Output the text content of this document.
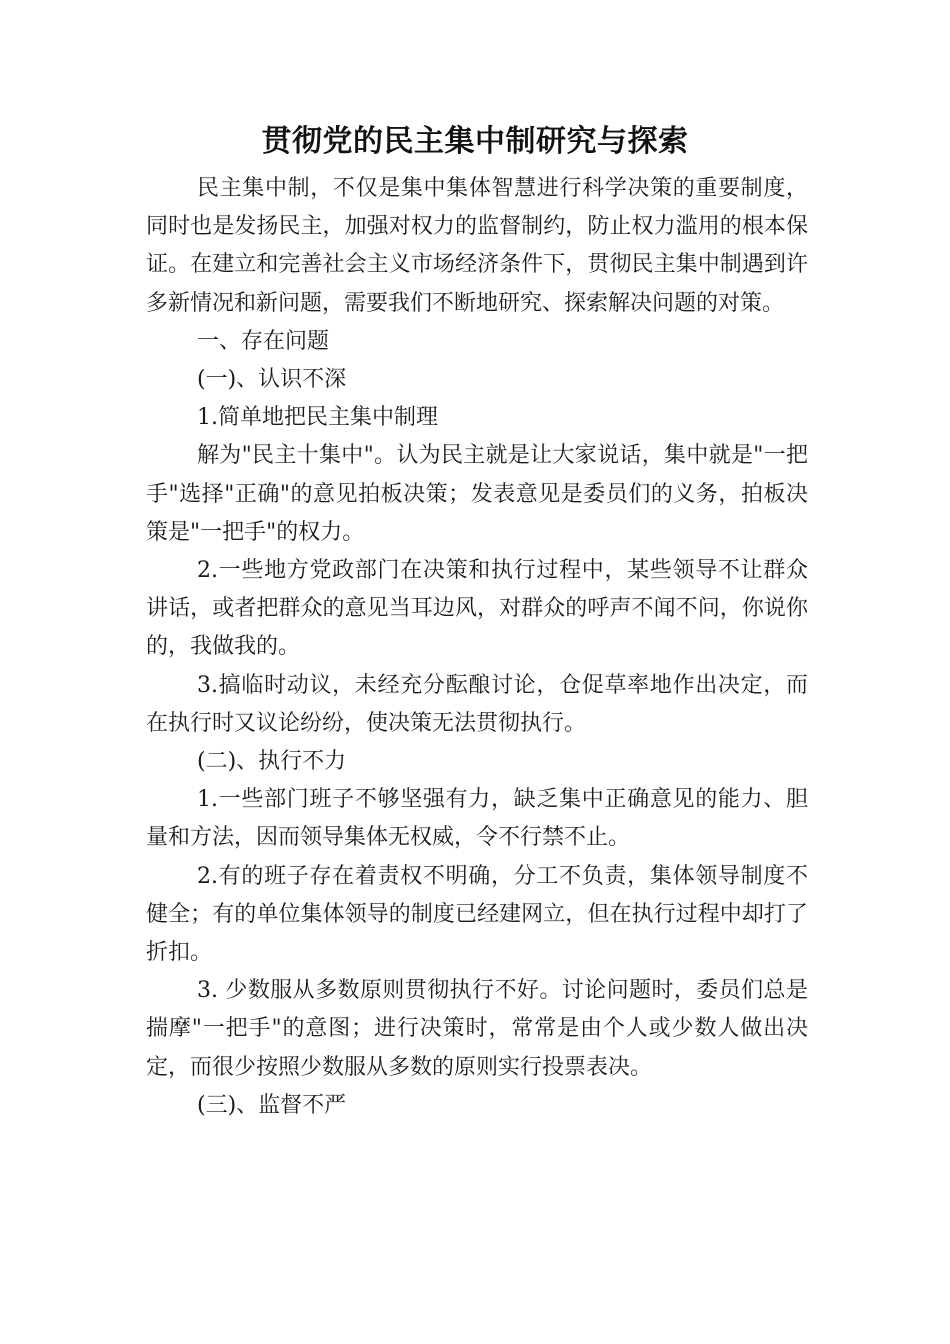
贯彻党的民主集中制研究与探索

民主集中制，不仅是集中集体智慧进行科学决策的重要制度，同时也是发扬民主，加强对权力的监督制约，防止权力滥用的根本保证。在建立和完善社会主义市场经济条件下，贯彻民主集中制遇到许多新情况和新问题，需要我们不断地研究、探索解决问题的对策。

一、存在问题

(一)、认识不深

1.简单地把民主集中制理

解为"民主十集中"。认为民主就是让大家说话，集中就是"一把手"选择"正确"的意见拍板决策；发表意见是委员们的义务，拍板决策是"一把手"的权力。

2.一些地方党政部门在决策和执行过程中，某些领导不让群众讲话，或者把群众的意见当耳边风，对群众的呼声不闻不问，你说你的，我做我的。

3.搞临时动议，未经充分酝酿讨论，仓促草率地作出决定，而在执行时又议论纷纷，使决策无法贯彻执行。

(二)、执行不力

1.一些部门班子不够坚强有力，缺乏集中正确意见的能力、胆量和方法，因而领导集体无权威，令不行禁不止。

2.有的班子存在着责权不明确，分工不负责，集体领导制度不健全；有的单位集体领导的制度已经建网立，但在执行过程中却打了折扣。

3. 少数服从多数原则贯彻执行不好。讨论问题时，委员们总是揣摩"一把手"的意图；进行决策时，常常是由个人或少数人做出决定，而很少按照少数服从多数的原则实行投票表决。

(三)、监督不严
